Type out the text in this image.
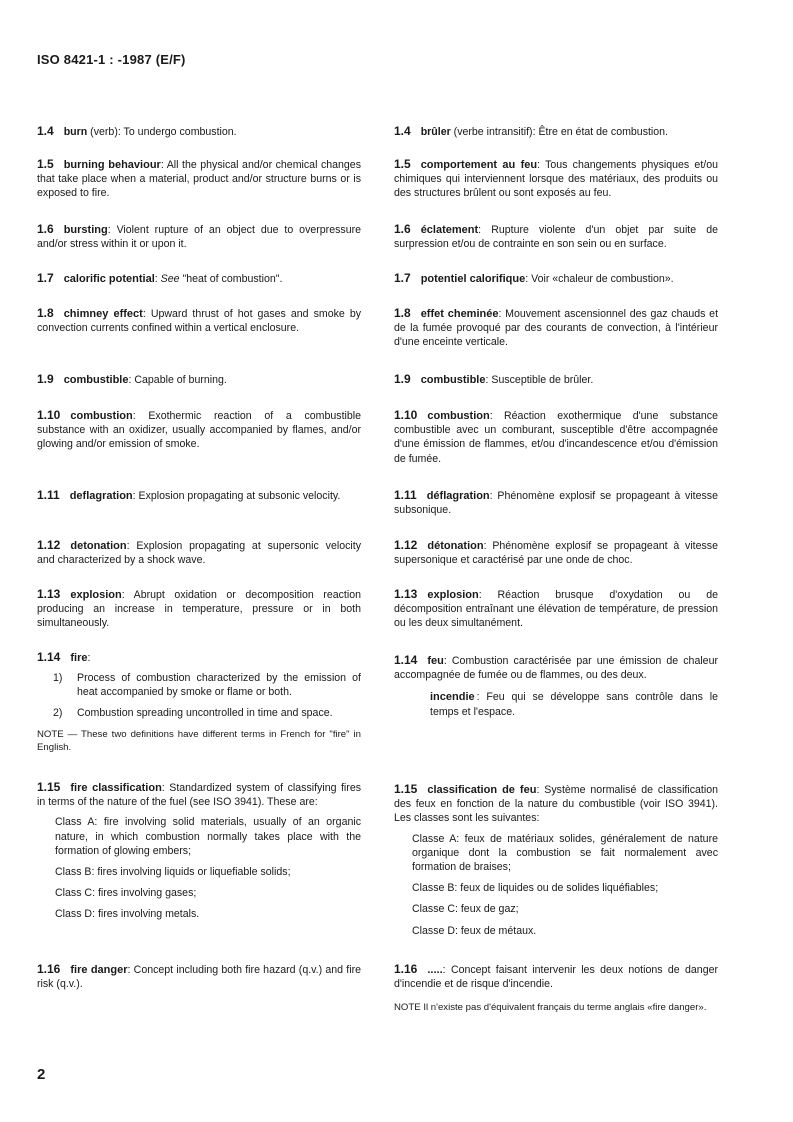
ISO 8421-1 : -1987 (E/F)
1.4 burn (verb): To undergo combustion.
1.5 burning behaviour: All the physical and/or chemical changes that take place when a material, product and/or structure burns or is exposed to fire.
1.6 bursting: Violent rupture of an object due to overpressure and/or stress within it or upon it.
1.7 calorific potential: See "heat of combustion".
1.8 chimney effect: Upward thrust of hot gases and smoke by convection currents confined within a vertical enclosure.
1.9 combustible: Capable of burning.
1.10 combustion: Exothermic reaction of a combustible substance with an oxidizer, usually accompanied by flames, and/or glowing and/or emission of smoke.
1.11 deflagration: Explosion propagating at subsonic velocity.
1.12 detonation: Explosion propagating at supersonic velocity and characterized by a shock wave.
1.13 explosion: Abrupt oxidation or decomposition reaction producing an increase in temperature, pressure or in both simultaneously.
1.14 fire:
1) Process of combustion characterized by the emission of heat accompanied by smoke or flame or both.
2) Combustion spreading uncontrolled in time and space.
NOTE — These two definitions have different terms in French for "fire" in English.
1.15 fire classification: Standardized system of classifying fires in terms of the nature of the fuel (see ISO 3941). These are:
Class A: fire involving solid materials, usually of an organic nature, in which combustion normally takes place with the formation of glowing embers;
Class B: fires involving liquids or liquefiable solids;
Class C: fires involving gases;
Class D: fires involving metals.
1.16 fire danger: Concept including both fire hazard (q.v.) and fire risk (q.v.).
1.4 brûler (verbe intransitif): Être en état de combustion.
1.5 comportement au feu: Tous changements physiques et/ou chimiques qui interviennent lorsque des matériaux, des produits ou des structures brûlent ou sont exposés au feu.
1.6 éclatement: Rupture violente d'un objet par suite de surpression et/ou de contrainte en son sein ou en surface.
1.7 potentiel calorifique: Voir «chaleur de combustion».
1.8 effet cheminée: Mouvement ascensionnel des gaz chauds et de la fumée provoqué par des courants de convection, à l'intérieur d'une enceinte verticale.
1.9 combustible: Susceptible de brûler.
1.10 combustion: Réaction exothermique d'une substance combustible avec un comburant, susceptible d'être accompagnée d'une émission de flammes, et/ou d'incandescence et/ou d'émission de fumée.
1.11 déflagration: Phénomène explosif se propageant à vitesse subsonique.
1.12 détonation: Phénomène explosif se propageant à vitesse supersonique et caractérisé par une onde de choc.
1.13 explosion: Réaction brusque d'oxydation ou de décomposition entraînant une élévation de température, de pression ou les deux simultanément.
1.14 feu: Combustion caractérisée par une émission de chaleur accompagnée de fumée ou de flammes, ou des deux.
incendie : Feu qui se développe sans contrôle dans le temps et l'espace.
1.15 classification de feu: Système normalisé de classification des feux en fonction de la nature du combustible (voir ISO 3941). Les classes sont les suivantes:
Classe A: feux de matériaux solides, généralement de nature organique dont la combustion se fait normalement avec formation de braises;
Classe B: feux de liquides ou de solides liquéfiables;
Classe C: feux de gaz;
Classe D: feux de métaux.
1.16 .....: Concept faisant intervenir les deux notions de danger d'incendie et de risque d'incendie.
NOTE Il n'existe pas d'équivalent français du terme anglais «fire danger».
2
